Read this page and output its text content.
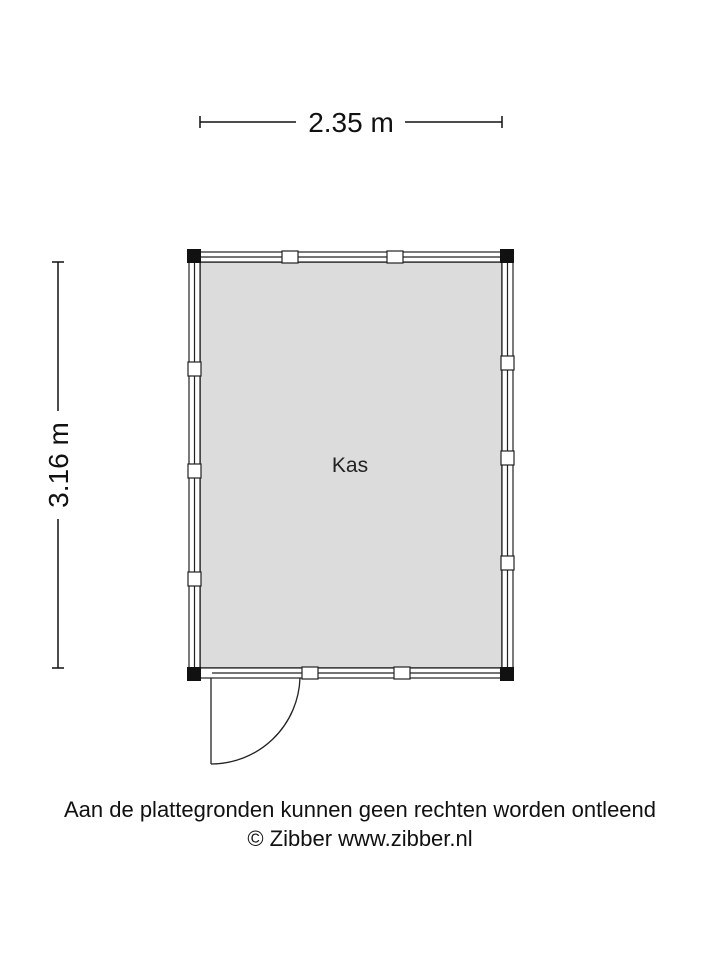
2.35 m
3.16 m	Kas
Aan de plattegronden kunnen geen rechten worden ontleend
© Zibber www.zibber.nl
